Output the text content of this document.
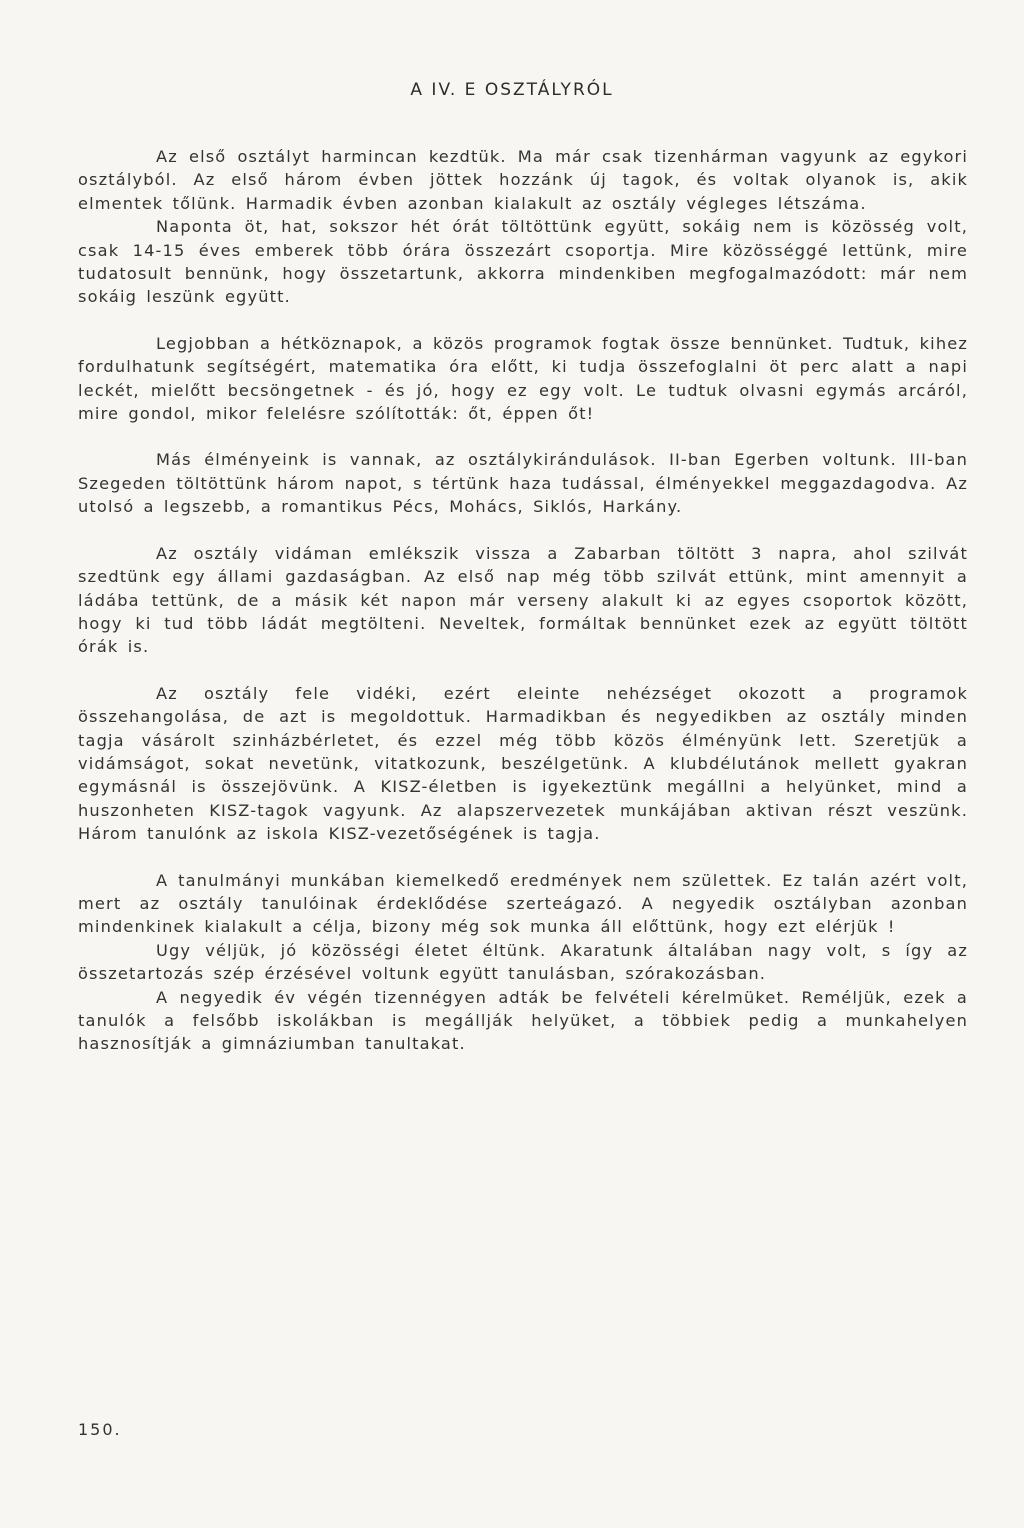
A IV. E OSZTÁLYRÓL

Az első osztályt harmincan kezdtük. Ma már csak tizenhárman vagyunk az egykori osztályból. Az első három évben jöttek hozzánk új tagok, és voltak olyanok is, akik elmentek tőlünk. Harmadik évben azonban kialakult az osztály végleges létszáma.

Naponta öt, hat, sokszor hét órát töltöttünk együtt, sokáig nem is közösség volt, csak 14-15 éves emberek több órára összezárt csoportja. Mire közösséggé lettünk, mire tudatosult bennünk, hogy összetartunk, akkorra mindenkiben megfogalmazódott: már nem sokáig leszünk együtt.

Legjobban a hétköznapok, a közös programok fogtak össze bennünket. Tudtuk, kihez fordulhatunk segítségért, matematika óra előtt, ki tudja összefoglalni öt perc alatt a napi leckét, mielőtt becsöngetnek - és jó, hogy ez egy volt. Le tudtuk olvasni egymás arcáról, mire gondol, mikor felelésre szólították: őt, éppen őt!

Más élményeink is vannak, az osztálykirándulások. II-ban Egerben voltunk. III-ban Szegeden töltöttünk három napot, s tértünk haza tudással, élményekkel meggazdagodva. Az utolsó a legszebb, a romantikus Pécs, Mohács, Siklós, Harkány.

Az osztály vidáman emlékszik vissza a Zabarban töltött 3 napra, ahol szilvát szedtünk egy állami gazdaságban. Az első nap még több szilvát ettünk, mint amennyit a ládába tettünk, de a másik két napon már verseny alakult ki az egyes csoportok között, hogy ki tud több ládát megtölteni. Neveltek, formáltak bennünket ezek az együtt töltött órák is.

Az osztály fele vidéki, ezért eleinte nehézséget okozott a programok összehangolása, de azt is megoldottuk. Harmadikban és negyedikben az osztály minden tagja vásárolt szinházbérletet, és ezzel még több közös élményünk lett. Szeretjük a vidámságot, sokat nevetünk, vitatkozunk, beszélgetünk. A klubdélutánok mellett gyakran egymásnál is összejövünk. A KISZ-életben is igyekeztünk megállni a helyünket, mind a huszonheten KISZ-tagok vagyunk. Az alapszervezetek munkájában aktivan részt veszünk. Három tanulónk az iskola KISZ-vezetőségének is tagja.

A tanulmányi munkában kiemelkedő eredmények nem születtek. Ez talán azért volt, mert az osztály tanulóinak érdeklődése szerteágazó. A negyedik osztályban azonban mindenkinek kialakult a célja, bizony még sok munka áll előttünk, hogy ezt elérjük !

Ugy véljük, jó közösségi életet éltünk. Akaratunk általában nagy volt, s így az összetartozás szép érzésével voltunk együtt tanulásban, szórakozásban.

A negyedik év végén tizennégyen adták be felvételi kérelmüket. Reméljük, ezek a tanulók a felsőbb iskolákban is megállják helyüket, a többiek pedig a munkahelyen hasznosítják a gimnáziumban tanultakat.

150.
